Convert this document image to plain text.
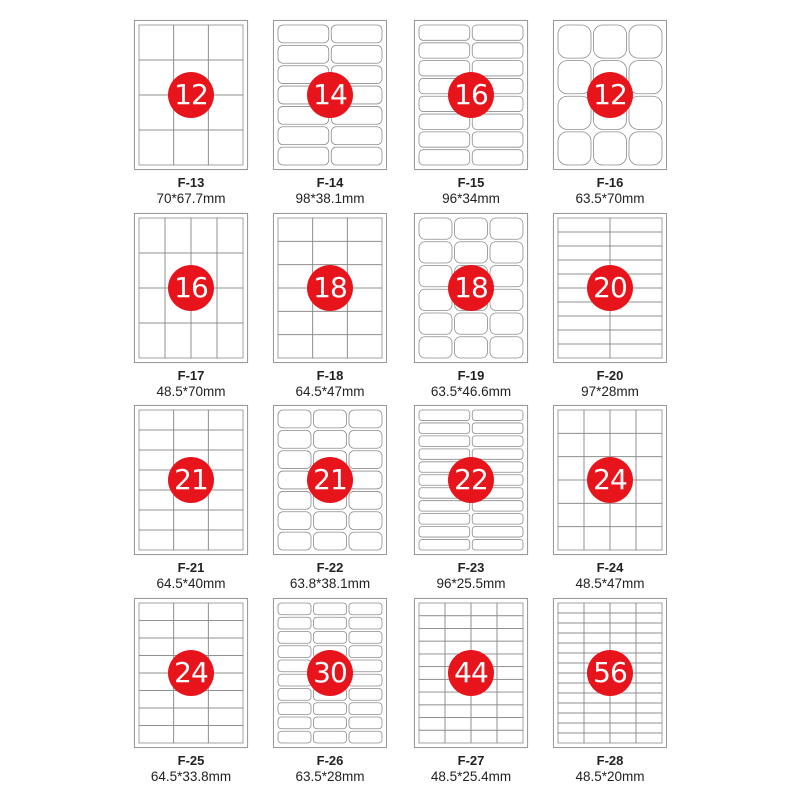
12
F-13
70*67.7mm
14
F-14
98*38.1mm
16
F-15
96*34mm
12
F-16
63.5*70mm
16
F-17
48.5*70mm
18
F-18
64.5*47mm
18
F-19
63.5*46.6mm
20
F-20
97*28mm
21
F-21
64.5*40mm
21
F-22
63.8*38.1mm
22
F-23
96*25.5mm
24
F-24
48.5*47mm
24
F-25
64.5*33.8mm
30
F-26
63.5*28mm
44
F-27
48.5*25.4mm
56
F-28
48.5*20mm
